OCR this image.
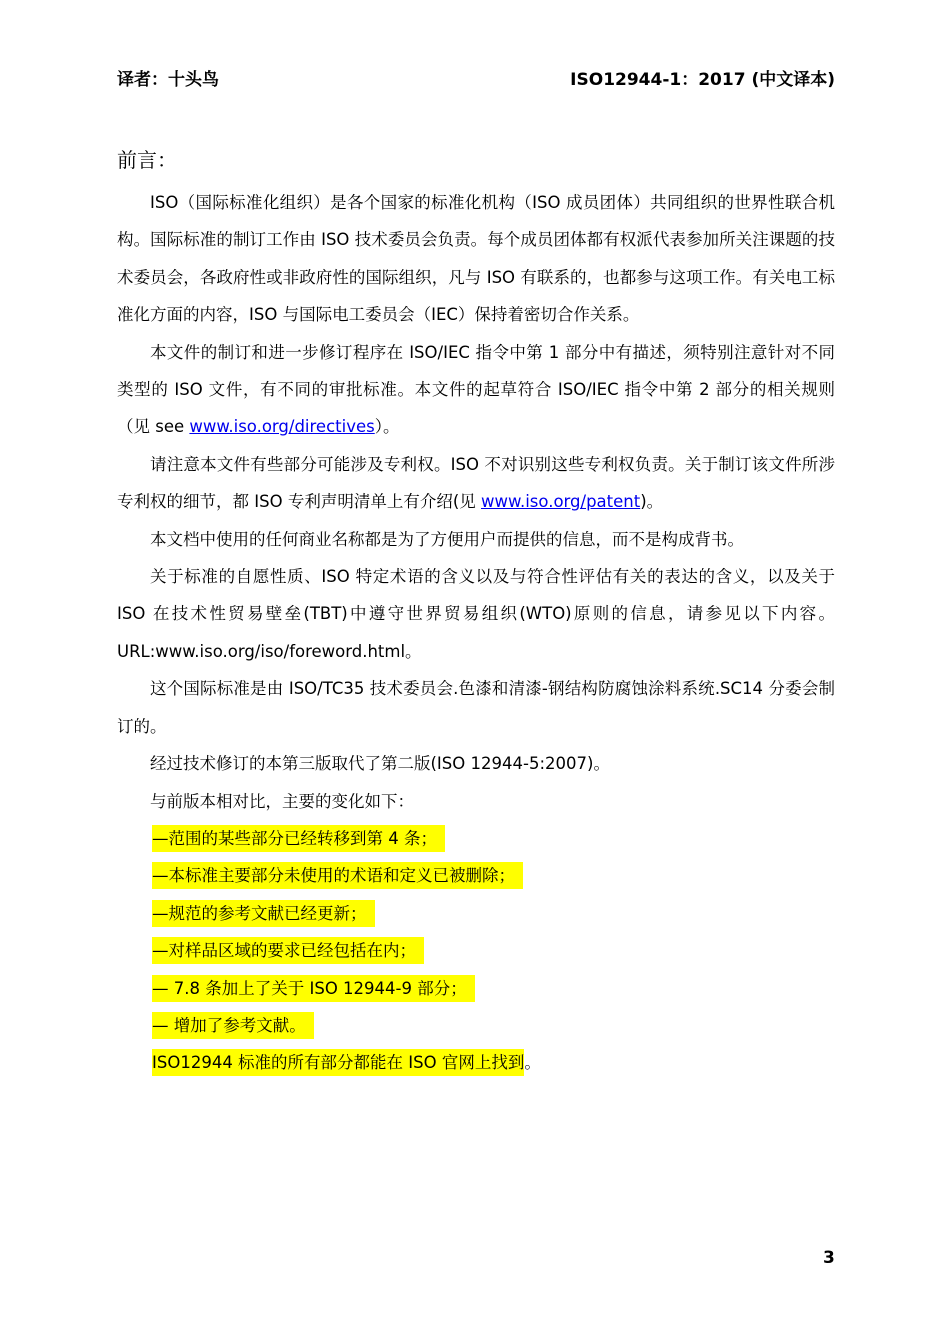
译者：十头鸟	ISO12944-1：2017 (中文译本)
前言：

ISO（国际标准化组织）是各个国家的标准化机构（ISO 成员团体）共同组织的世界性联合机构。国际标准的制订工作由 ISO 技术委员会负责。每个成员团体都有权派代表参加所关注课题的技术委员会，各政府性或非政府性的国际组织，凡与 ISO 有联系的，也都参与这项工作。有关电工标准化方面的内容，ISO 与国际电工委员会（IEC）保持着密切合作关系。

本文件的制订和进一步修订程序在 ISO/IEC 指令中第 1 部分中有描述，须特别注意针对不同类型的 ISO 文件，有不同的审批标准。本文件的起草符合 ISO/IEC 指令中第 2 部分的相关规则（见 see www.iso.org/directives）。

请注意本文件有些部分可能涉及专利权。ISO 不对识别这些专利权负责。关于制订该文件所涉专利权的细节，都 ISO 专利声明清单上有介绍(见 www.iso.org/patent)。

本文档中使用的任何商业名称都是为了方便用户而提供的信息，而不是构成背书。

关于标准的自愿性质、ISO 特定术语的含义以及与符合性评估有关的表达的含义，以及关于 ISO 在技术性贸易壁垒(TBT)中遵守世界贸易组织(WTO)原则的信息，请参见以下内容。URL:www.iso.org/iso/foreword.html。

这个国际标准是由 ISO/TC35 技术委员会.色漆和清漆-钢结构防腐蚀涂料系统.SC14 分委会制订的。

经过技术修订的本第三版取代了第二版(ISO 12944-5:2007)。

与前版本相对比，主要的变化如下：

—范围的某些部分已经转移到第 4 条；

—本标准主要部分未使用的术语和定义已被删除；

—规范的参考文献已经更新；

—对样品区域的要求已经包括在内；

— 7.8 条加上了关于 ISO 12944-9 部分；

— 增加了参考文献。

ISO12944 标准的所有部分都能在 ISO 官网上找到。

3
